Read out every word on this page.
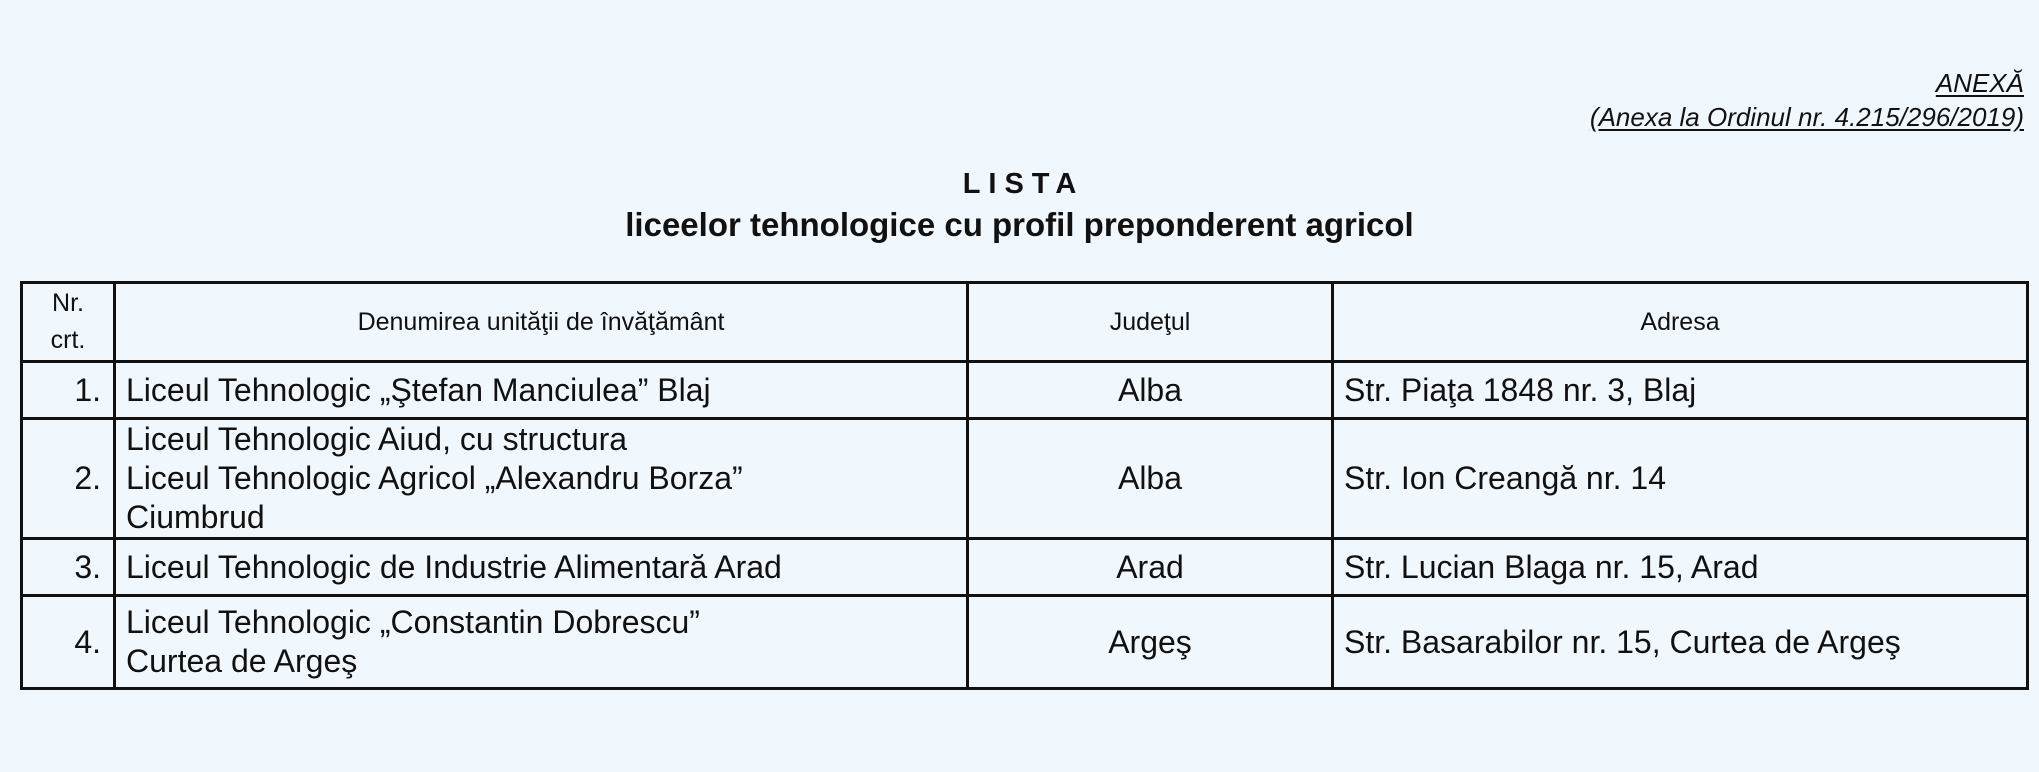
ANEXĂ
(Anexa la Ordinul nr. 4.215/296/2019)
LISTA
liceelor tehnologice cu profil preponderent agricol
Nr.
crt.	Denumirea unităţii de învăţământ	Judeţul	Adresa
1.	Liceul Tehnologic „Ştefan Manciulea” Blaj	Alba	Str. Piaţa 1848 nr. 3, Blaj
2.	Liceul Tehnologic Aiud, cu structura
Liceul Tehnologic Agricol „Alexandru Borza”
Ciumbrud	Alba	Str. Ion Creangă nr. 14
3.	Liceul Tehnologic de Industrie Alimentară Arad	Arad	Str. Lucian Blaga nr. 15, Arad
4.	Liceul Tehnologic „Constantin Dobrescu”
Curtea de Argeş	Argeş	Str. Basarabilor nr. 15, Curtea de Argeş
